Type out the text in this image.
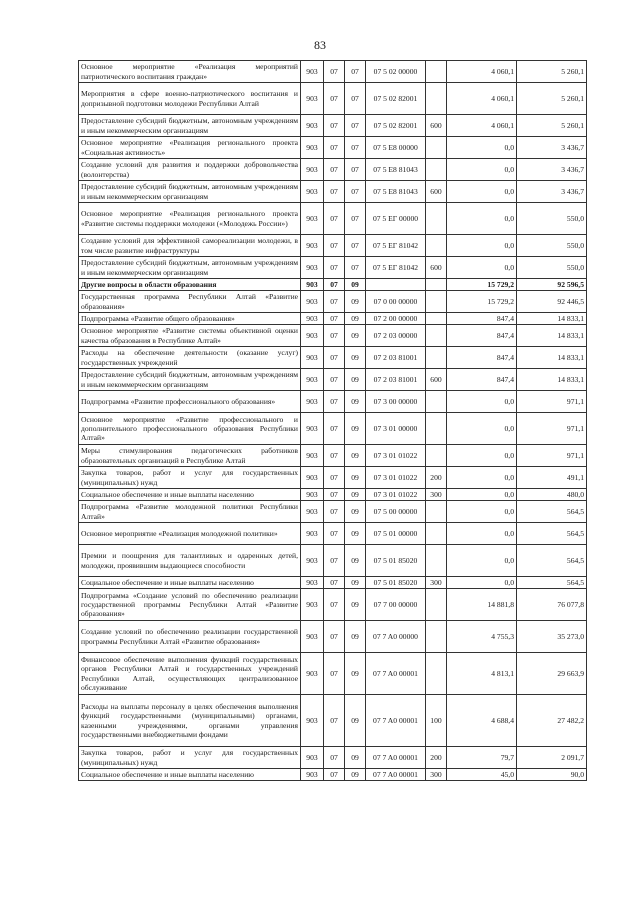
83
Основное мероприятие «Реализация мероприятий патриотического воспитания граждан»	903	07	07	07 5 02 00000		4 060,1	5 260,1
Мероприятия в сфере военно-патриотического воспитания и допризывной подготовки молодежи Республики Алтай	903	07	07	07 5 02 82001		4 060,1	5 260,1
Предоставление субсидий бюджетным, автономным учреждениям и иным некоммерческим организациям	903	07	07	07 5 02 82001	600	4 060,1	5 260,1
Основное мероприятие «Реализация регионального проекта «Социальная активность»	903	07	07	07 5 E8 00000		0,0	3 436,7
Создание условий для развития и поддержки добровольчества (волонтерства)	903	07	07	07 5 E8 81043		0,0	3 436,7
Предоставление субсидий бюджетным, автономным учреждениям и иным некоммерческим организациям	903	07	07	07 5 E8 81043	600	0,0	3 436,7
Основное мероприятие «Реализация регионального проекта «Развитие системы поддержки молодежи («Молодежь России»)	903	07	07	07 5 EГ 00000		0,0	550,0
Создание условий для эффективной самореализации молодежи, в том числе развитие инфраструктуры	903	07	07	07 5 EГ 81042		0,0	550,0
Предоставление субсидий бюджетным, автономным учреждениям и иным некоммерческим организациям	903	07	07	07 5 EГ 81042	600	0,0	550,0
Другие вопросы в области образования	903	07	09			15 729,2	92 596,5
Государственная программа Республики Алтай «Развитие образования»	903	07	09	07 0 00 00000		15 729,2	92 446,5
Подпрограмма «Развитие общего образования»	903	07	09	07 2 00 00000		847,4	14 833,1
Основное мероприятие «Развитие системы объективной оценки качества образования в Республике Алтай»	903	07	09	07 2 03 00000		847,4	14 833,1
Расходы на обеспечение деятельности (оказание услуг) государственных учреждений	903	07	09	07 2 03 81001		847,4	14 833,1
Предоставление субсидий бюджетным, автономным учреждениям и иным некоммерческим организациям	903	07	09	07 2 03 81001	600	847,4	14 833,1
Подпрограмма «Развитие профессионального образования»	903	07	09	07 3 00 00000		0,0	971,1
Основное мероприятие «Развитие профессионального и дополнительного профессионального образования Республики Алтай»	903	07	09	07 3 01 00000		0,0	971,1
Меры стимулирования педагогических работников образовательных организаций в Республике Алтай	903	07	09	07 3 01 01022		0,0	971,1
Закупка товаров, работ и услуг для государственных (муниципальных) нужд	903	07	09	07 3 01 01022	200	0,0	491,1
Социальное обеспечение и иные выплаты населению	903	07	09	07 3 01 01022	300	0,0	480,0
Подпрограмма «Развитие молодежной политики Республики Алтай»	903	07	09	07 5 00 00000		0,0	564,5
Основное мероприятие «Реализация молодежной политики»	903	07	09	07 5 01 00000		0,0	564,5
Премии и поощрения для талантливых и одаренных детей, молодежи, проявившим выдающиеся способности	903	07	09	07 5 01 85020		0,0	564,5
Социальное обеспечение и иные выплаты населению	903	07	09	07 5 01 85020	300	0,0	564,5
Подпрограмма «Создание условий по обеспечению реализации государственной программы Республики Алтай «Развитие образования»	903	07	09	07 7 00 00000		14 881,8	76 077,8
Создание условий по обеспечению реализации государственной программы Республики Алтай «Развитие образования»	903	07	09	07 7 A0 00000		4 755,3	35 273,0
Финансовое обеспечение выполнения функций государственных органов Республики Алтай и государственных учреждений Республики Алтай, осуществляющих централизованное обслуживание	903	07	09	07 7 A0 00001		4 813,1	29 663,9
Расходы на выплаты персоналу в целях обеспечения выполнения функций государственными (муниципальными) органами, казенными учреждениями, органами управления государственными внебюджетными фондами	903	07	09	07 7 A0 00001	100	4 688,4	27 482,2
Закупка товаров, работ и услуг для государственных (муниципальных) нужд	903	07	09	07 7 A0 00001	200	79,7	2 091,7
Социальное обеспечение и иные выплаты населению	903	07	09	07 7 A0 00001	300	45,0	90,0
